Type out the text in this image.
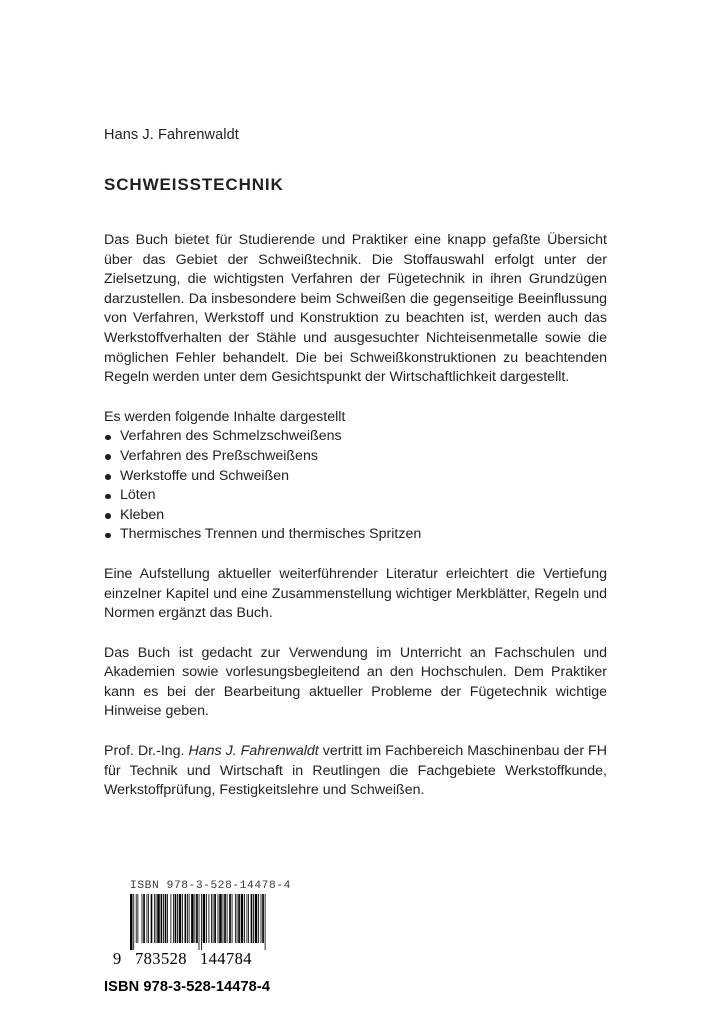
Hans J. Fahrenwaldt

SCHWEISSTECHNIK

Das Buch bietet für Studierende und Praktiker eine knapp gefaßte Übersicht über das Gebiet der Schweißtechnik. Die Stoffauswahl erfolgt unter der Zielsetzung, die wichtigsten Verfahren der Fügetechnik in ihren Grundzügen darzustellen. Da insbesondere beim Schweißen die gegenseitige Beeinflussung von Verfahren, Werkstoff und Konstruktion zu beachten ist, werden auch das Werkstoffverhalten der Stähle und ausgesuchter Nichteisenmetalle sowie die möglichen Fehler behandelt. Die bei Schweißkonstruktionen zu beachtenden Regeln werden unter dem Gesichtspunkt der Wirtschaftlichkeit dargestellt.

Es werden folgende Inhalte dargestellt

Verfahren des Schmelzschweißens
Verfahren des Preßschweißens
Werkstoffe und Schweißen
Löten
Kleben
Thermisches Trennen und thermisches Spritzen

Eine Aufstellung aktueller weiterführender Literatur erleichtert die Vertiefung einzelner Kapitel und eine Zusammenstellung wichtiger Merkblätter, Regeln und Normen ergänzt das Buch.

Das Buch ist gedacht zur Verwendung im Unterricht an Fachschulen und Akademien sowie vorlesungsbegleitend an den Hochschulen. Dem Praktiker kann es bei der Bearbeitung aktueller Probleme der Fügetechnik wichtige Hinweise geben.

Prof. Dr.-Ing. Hans J. Fahrenwaldt vertritt im Fachbereich Maschinenbau der FH für Technik und Wirtschaft in Reutlingen die Fachgebiete Werkstoffkunde, Werkstoffprüfung, Festigkeitslehre und Schweißen.

ISBN 978-3-528-14478-4
9 783528 144784
ISBN 978-3-528-14478-4
